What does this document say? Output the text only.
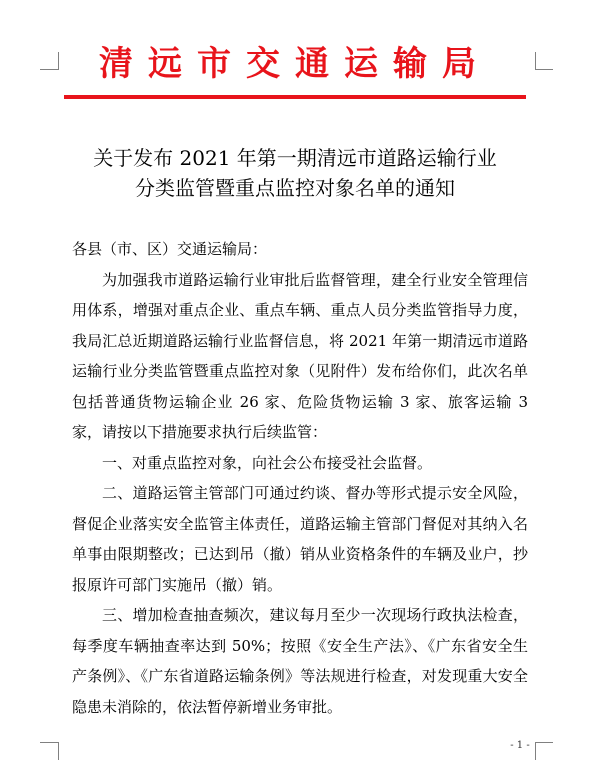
清远市交通运输局
关于发布 2021 年第一期清远市道路运输行业
分类监管暨重点监控对象名单的通知

各县（市、区）交通运输局：

为加强我市道路运输行业审批后监督管理，建全行业安全管理信用体系，增强对重点企业、重点车辆、重点人员分类监管指导力度，我局汇总近期道路运输行业监督信息，将 2021 年第一期清远市道路运输行业分类监管暨重点监控对象（见附件）发布给你们，此次名单包括普通货物运输企业 26 家、危险货物运输 3 家、旅客运输 3 家，请按以下措施要求执行后续监管：

一、对重点监控对象，向社会公布接受社会监督。

二、道路运管主管部门可通过约谈、督办等形式提示安全风险，督促企业落实安全监管主体责任，道路运输主管部门督促对其纳入名单事由限期整改；已达到吊（撤）销从业资格条件的车辆及业户，抄报原许可部门实施吊（撤）销。

三、增加检查抽查频次，建议每月至少一次现场行政执法检查，每季度车辆抽查率达到 50%；按照《安全生产法》、《广东省安全生产条例》、《广东省道路运输条例》等法规进行检查，对发现重大安全隐患未消除的，依法暂停新增业务审批。

- 1 -
